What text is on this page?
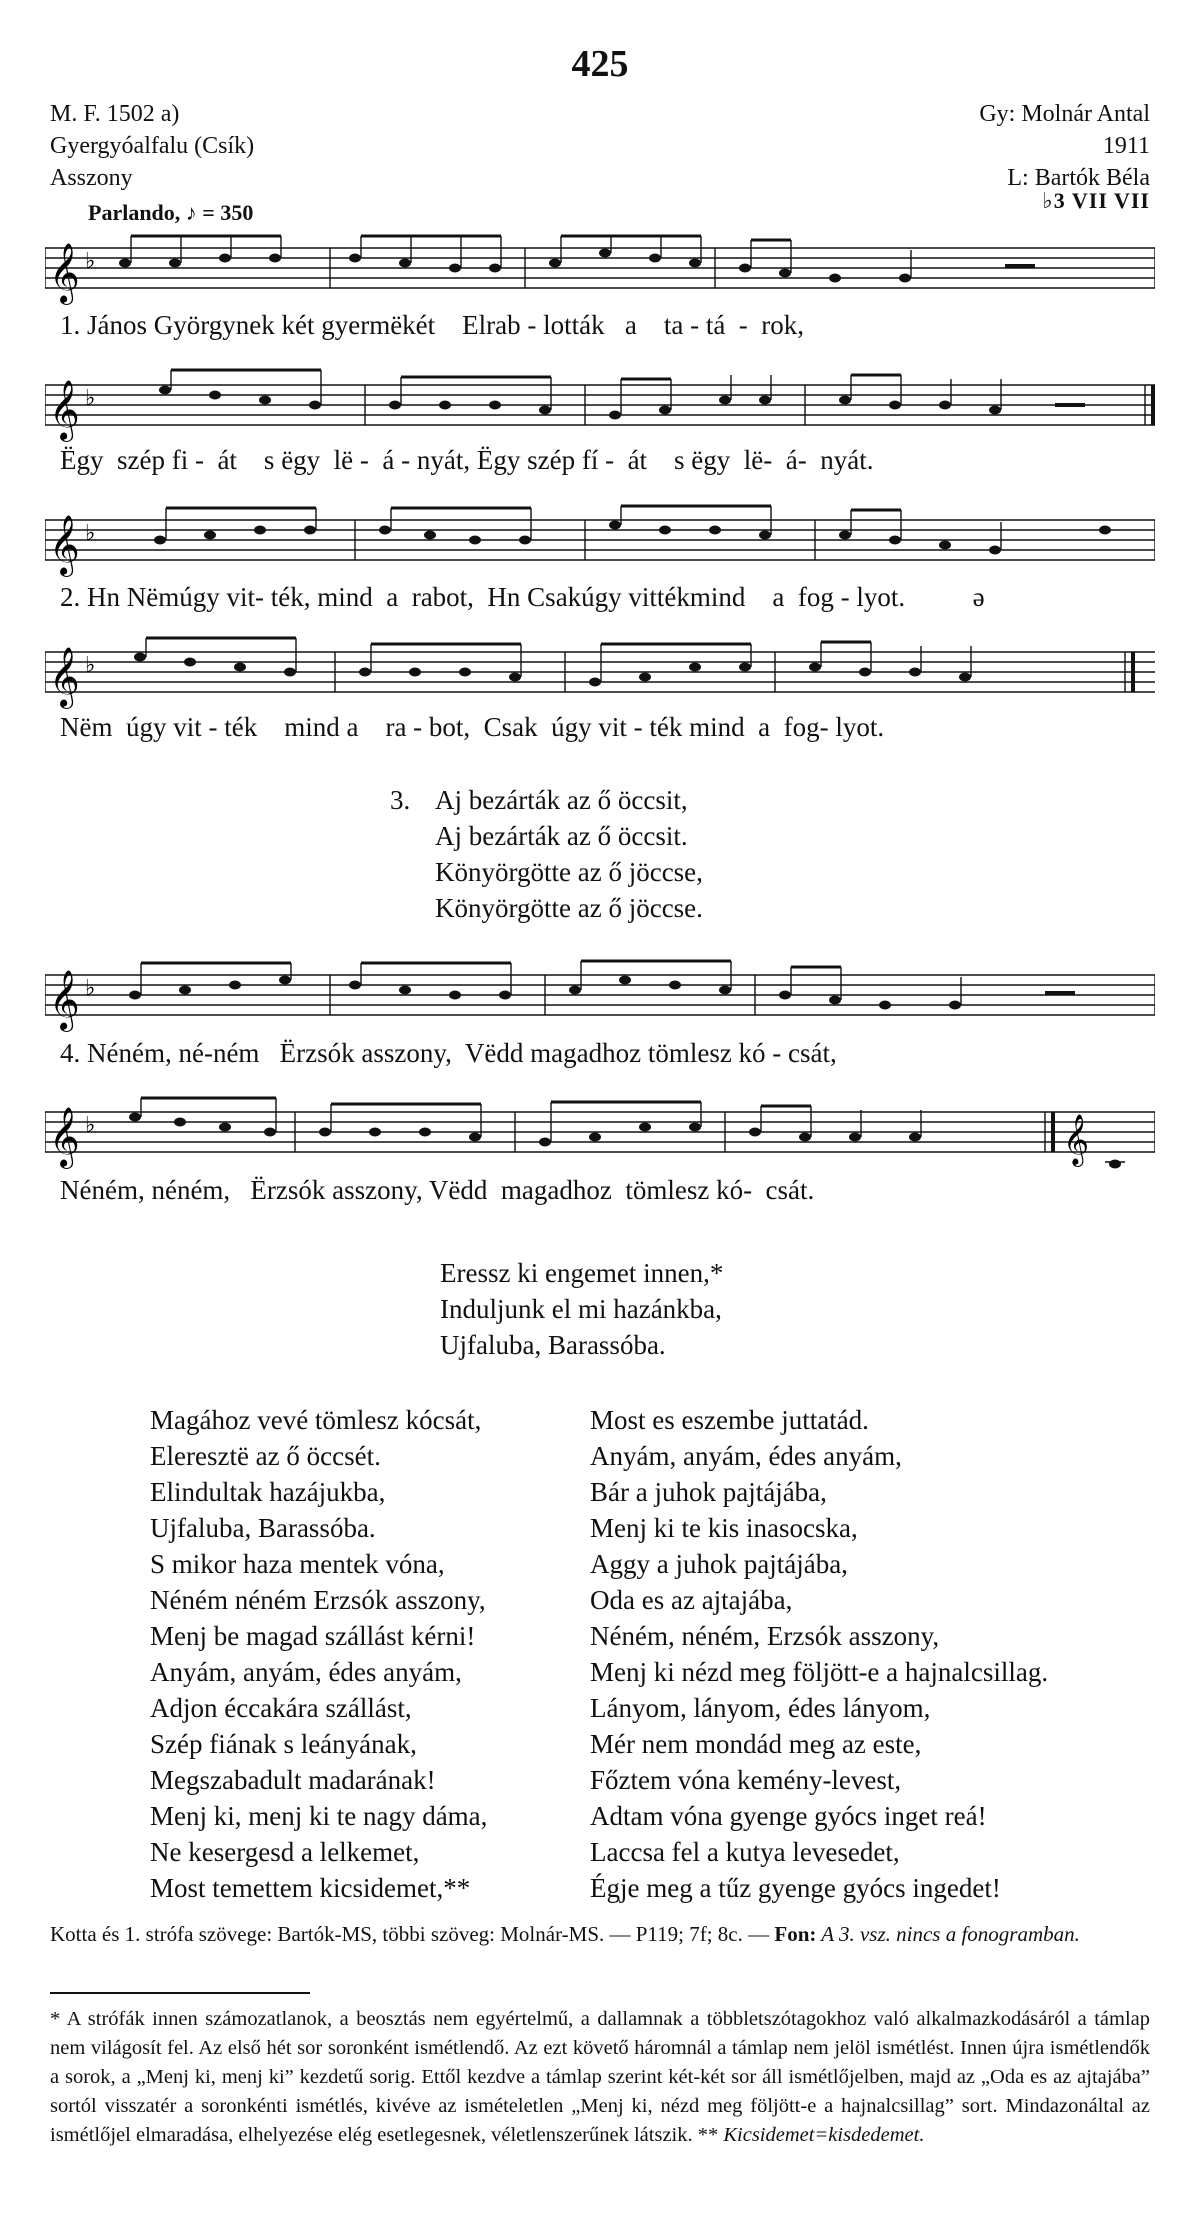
425
M. F. 1502 a)
Gyergyóalfalu (Csík)
Asszony
Gy: Molnár Antal
1911
L: Bartók Béla
Parlando, ♪ = 350	♭3 VII VII
𝄞 ♭
1. János Györgynek két gyermëkét    Elrab - lották   a    ta - tá  -  rok,
𝄞 ♭
Ëgy  szép fi -  át    s ëgy  lë -  á - nyát, Ëgy szép fí -  át    s ëgy  lë-  á-  nyát.
𝄞 ♭
2. Hn Nëmúgy vit- ték, mind  a  rabot,  Hn Csakúgy vittékmind    a  fog - lyot.          ə
𝄞 ♭
Nëm  úgy vit - ték    mind a    ra - bot,  Csak  úgy vit - ték mind  a  fog- lyot.
3. Aj bezárták az ő öccsit,
Aj bezárták az ő öccsit.
Könyörgötte az ő jöccse,
Könyörgötte az ő jöccse.
𝄞 ♭
4. Néném, né-ném   Ërzsók asszony,  Vëdd magadhoz tömlesz kó - csát,
𝄞	𝄞
♭
Néném, néném,   Ërzsók asszony, Vëdd  magadhoz  tömlesz kó-  csát.
Eressz ki engemet innen,*
Induljunk el mi hazánkba,
Ujfaluba, Barassóba.
Magához vevé tömlesz kócsát,
Eleresztë az ő öccsét.
Elindultak hazájukba,
Ujfaluba, Barassóba.
S mikor haza mentek vóna,
Néném néném Erzsók asszony,
Menj be magad szállást kérni!
Anyám, anyám, édes anyám,
Adjon éccakára szállást,
Szép fiának s leányának,
Megszabadult madarának!
Menj ki, menj ki te nagy dáma,
Ne kesergesd a lelkemet,
Most temettem kicsidemet,**
Most es eszembe juttatád.
Anyám, anyám, édes anyám,
Bár a juhok pajtájába,
Menj ki te kis inasocska,
Aggy a juhok pajtájába,
Oda es az ajtajába,
Néném, néném, Erzsók asszony,
Menj ki nézd meg följött-e a hajnalcsillag.
Lányom, lányom, édes lányom,
Mér nem mondád meg az este,
Főztem vóna kemény-levest,
Adtam vóna gyenge gyócs inget reá!
Laccsa fel a kutya levesedet,
Égje meg a tűz gyenge gyócs ingedet!
Kotta és 1. strófa szövege: Bartók-MS, többi szöveg: Molnár-MS. — P119; 7f; 8c. — Fon: A 3. vsz. nincs a fonogramban.
* A strófák innen számozatlanok, a beosztás nem egyértelmű, a dallamnak a többletszótagokhoz való alkalmazkodásáról a támlap nem világosít fel. Az első hét sor soronként ismétlendő. Az ezt követő háromnál a támlap nem jelöl ismétlést. Innen újra ismétlendők a sorok, a „Menj ki, menj ki” kezdetű sorig. Ettől kezdve a támlap szerint két-két sor áll ismétlőjelben, majd az „Oda es az ajtajába” sortól visszatér a soronkénti ismétlés, kivéve az ismételetlen „Menj ki, nézd meg följött-e a hajnalcsillag” sort. Mindazonáltal az ismétlőjel elmaradása, elhelyezése elég esetlegesnek, véletlenszerűnek látszik. ** Kicsidemet=kisdedemet.
